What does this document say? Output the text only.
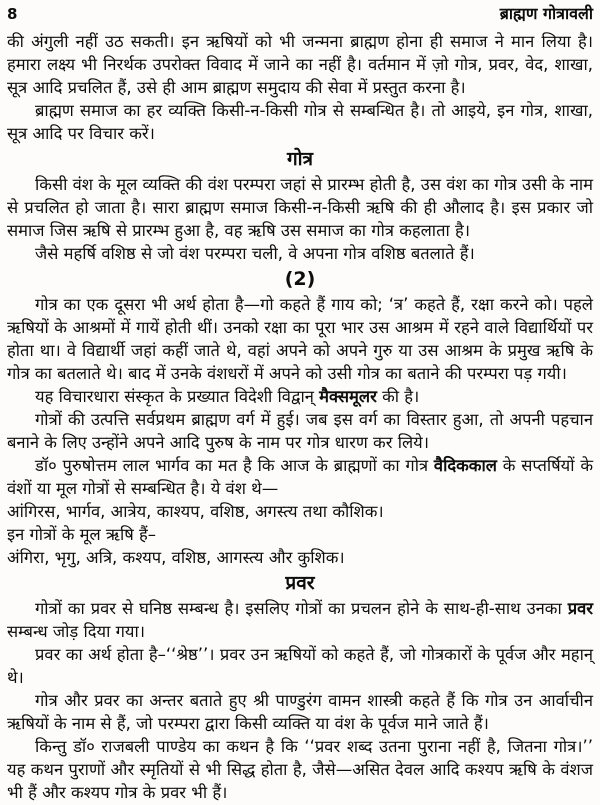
8	ब्राह्मण गोत्रावली

की अंगुली नहीं उठ सकती। इन ऋषियों को भी जन्मना ब्राह्मण होना ही समाज ने मान लिया है। हमारा लक्ष्य भी निरर्थक उपरोक्त विवाद में जाने का नहीं है। वर्तमान में ज़ो गोत्र, प्रवर, वेद, शाखा, सूत्र आदि प्रचलित हैं, उसे ही आम ब्राह्मण समुदाय की सेवा में प्रस्तुत करना है।

ब्राह्मण समाज का हर व्यक्ति किसी-न-किसी गोत्र से सम्बन्धित है। तो आइये, इन गोत्र, शाखा, सूत्र आदि पर विचार करें।

गोत्र

किसी वंश के मूल व्यक्ति की वंश परम्परा जहां से प्रारम्भ होती है, उस वंश का गोत्र उसी के नाम से प्रचलित हो जाता है। सारा ब्राह्मण समाज किसी-न-किसी ऋषि की ही औलाद है। इस प्रकार जो समाज जिस ऋषि से प्रारम्भ हुआ है, वह ऋषि उस समाज का गोत्र कहलाता है।

जैसे महर्षि वशिष्ठ से जो वंश परम्परा चली, वे अपना गोत्र वशिष्ठ बतलाते हैं।

(2)

गोत्र का एक दूसरा भी अर्थ होता है—गो कहते हैं गाय को; ‘त्र’ कहते हैं, रक्षा करने को। पहले ऋषियों के आश्रमों में गायें होती थीं। उनको रक्षा का पूरा भार उस आश्रम में रहने वाले विद्यार्थियों पर होता था। वे विद्यार्थी जहां कहीं जाते थे, वहां अपने को अपने गुरु या उस आश्रम के प्रमुख ऋषि के गोत्र का बतलाते थे। बाद में उनके वंशधरों में अपने को उसी गोत्र का बताने की परम्परा पड़ गयी।

यह विचारधारा संस्कृत के प्रख्यात विदेशी विद्वान् मैक्समूलर की है।

गोत्रों की उत्पत्ति सर्वप्रथम ब्राह्मण वर्ग में हुई। जब इस वर्ग का विस्तार हुआ, तो अपनी पहचान बनाने के लिए उन्होंने अपने आदि पुरुष के नाम पर गोत्र धारण कर लिये।

डॉ० पुरुषोत्तम लाल भार्गव का मत है कि आज के ब्राह्मणों का गोत्र वैदिककाल के सप्तर्षियों के वंशों या मूल गोत्रों से सम्बन्धित है। ये वंश थे—

आंगिरस, भार्गव, आत्रेय, काश्यप, वशिष्ठ, अगस्त्य तथा कौशिक।

इन गोत्रों के मूल ऋषि हैं–

अंगिरा, भृगु, अत्रि, कश्यप, वशिष्ठ, आगस्त्य और कुशिक।

प्रवर

गोत्रों का प्रवर से घनिष्ठ सम्बन्ध है। इसलिए गोत्रों का प्रचलन होने के साथ-ही-साथ उनका प्रवर सम्बन्ध जोड़ दिया गया।

प्रवर का अर्थ होता है–‘‘श्रेष्ठ’’। प्रवर उन ऋषियों को कहते हैं, जो गोत्रकारों के पूर्वज और महान् थे।

गोत्र और प्रवर का अन्तर बताते हुए श्री पाण्डुरंग वामन शास्त्री कहते हैं कि गोत्र उन आर्वाचीन ऋषियों के नाम से हैं, जो परम्परा द्वारा किसी व्यक्ति या वंश के पूर्वज माने जाते हैं।

किन्तु डॉ० राजबली पाण्डेय का कथन है कि ‘‘प्रवर शब्द उतना पुराना नहीं है, जितना गोत्र।’’ यह कथन पुराणों और स्मृतियों से भी सिद्ध होता है, जैसे—असित देवल आदि कश्यप ऋषि के वंशज भी हैं और कश्यप गोत्र के प्रवर भी हैं।
